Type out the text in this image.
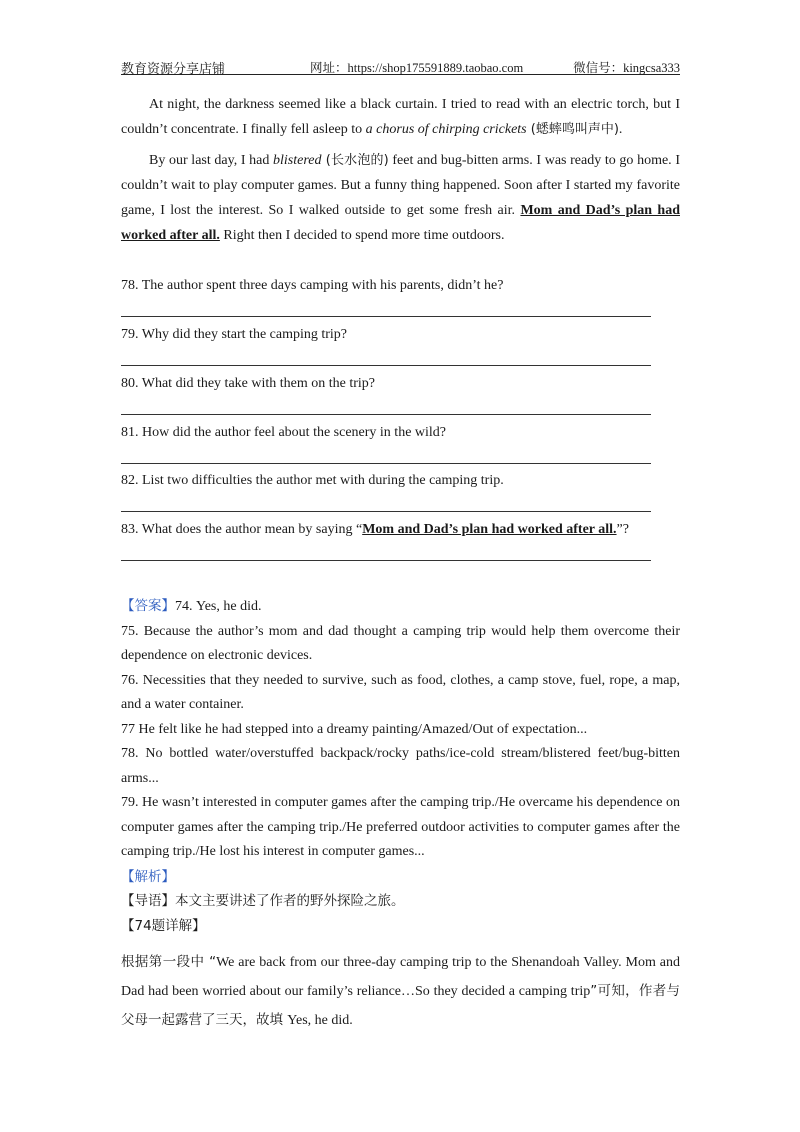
教育资源分享店铺	网址：https://shop175591889.taobao.com	微信号：kingcsa333
At night, the darkness seemed like a black curtain. I tried to read with an electric torch, but I couldn’t concentrate. I finally fell asleep to a chorus of chirping crickets (蟋蟀鸣叫声中).
By our last day, I had blistered (长水泡的) feet and bug-bitten arms. I was ready to go home. I couldn’t wait to play computer games. But a funny thing happened. Soon after I started my favorite game, I lost the interest. So I walked outside to get some fresh air. Mom and Dad’s plan had worked after all. Right then I decided to spend more time outdoors.
78. The author spent three days camping with his parents, didn’t he?
79. Why did they start the camping trip?
80. What did they take with them on the trip?
81. How did the author feel about the scenery in the wild?
82. List two difficulties the author met with during the camping trip.
83. What does the author mean by saying “Mom and Dad’s plan had worked after all.”?
【答案】74. Yes, he did.
75. Because the author’s mom and dad thought a camping trip would help them overcome their dependence on electronic devices.
76. Necessities that they needed to survive, such as food, clothes, a camp stove, fuel, rope, a map, and a water container.
77 He felt like he had stepped into a dreamy painting/Amazed/Out of expectation...
78. No bottled water/overstuffed backpack/rocky paths/ice-cold stream/blistered feet/bug-bitten arms...
79. He wasn’t interested in computer games after the camping trip./He overcame his dependence on computer games after the camping trip./He preferred outdoor activities to computer games after the camping trip./He lost his interest in computer games...
【解析】
【导语】本文主要讲述了作者的野外探险之旅。
【74题详解】
根据第一段中 “We are back from our three-day camping trip to the Shenandoah Valley. Mom and Dad had been worried about our family’s reliance…So they decided a camping trip”可知，作者与父母一起露营了三天，故填 Yes, he did.
